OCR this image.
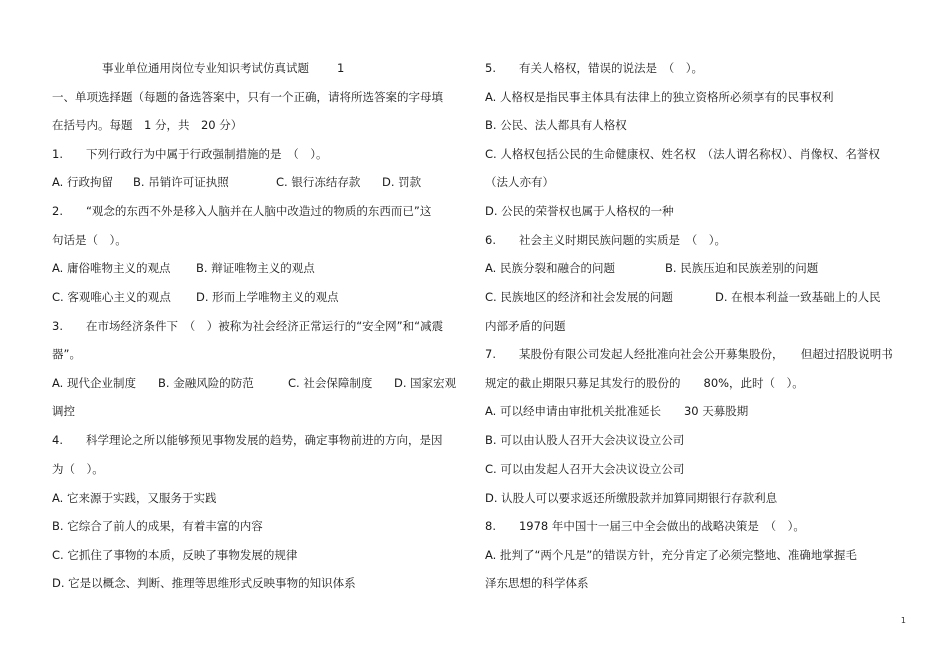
事业单位通用岗位专业知识考试仿真试题 1
一、单项选择题（每题的备选答案中，只有一个正确，请将所选答案的字母填
在括号内。每题　1 分，共　20 分）
1.　　下列行政行为中属于行政强制措施的是　（　）。
A. 行政拘留 B. 吊销许可证执照	C. 银行冻结存款 D. 罚款
2.　　“观念的东西不外是移入人脑并在人脑中改造过的物质的东西而已”这
句话是（　）。
A. 庸俗唯物主义的观点 B. 辩证唯物主义的观点
C. 客观唯心主义的观点 D. 形而上学唯物主义的观点
3.　　在市场经济条件下　（　）被称为社会经济正常运行的“安全网”和“减震
器”。
A. 现代企业制度 B. 金融风险的防范	C. 社会保障制度 D. 国家宏观
调控
4.　　科学理论之所以能够预见事物发展的趋势，确定事物前进的方向，是因
为（　）。
A. 它来源于实践，又服务于实践
B. 它综合了前人的成果，有着丰富的内容
C. 它抓住了事物的本质，反映了事物发展的规律
D. 它是以概念、判断、推理等思维形式反映事物的知识体系
5.　　有关人格权，错误的说法是　（　）。
A. 人格权是指民事主体具有法律上的独立资格所必须享有的民事权利
B. 公民、法人都具有人格权
C. 人格权包括公民的生命健康权、姓名权　（法人谓名称权）、肖像权、名誉权
（法人亦有）
D. 公民的荣誉权也属于人格权的一种
6.　　社会主义时期民族问题的实质是　（　）。
A. 民族分裂和融合的问题	B. 民族压迫和民族差别的问题
C. 民族地区的经济和社会发展的问题	D. 在根本利益一致基础上的人民
内部矛盾的问题
7.　　某股份有限公司发起人经批准向社会公开募集股份，　　但超过招股说明书
规定的截止期限只募足其发行的股份的　　80%，此时（　）。
A. 可以经申请由审批机关批准延长　　30 天募股期
B. 可以由认股人召开大会决议设立公司
C. 可以由发起人召开大会决议设立公司
D. 认股人可以要求返还所缴股款并加算同期银行存款利息
8.　　1978 年中国十一届三中全会做出的战略决策是　（　）。
A. 批判了“两个凡是”的错误方针，充分肯定了必须完整地、准确地掌握毛
泽东思想的科学体系
1
